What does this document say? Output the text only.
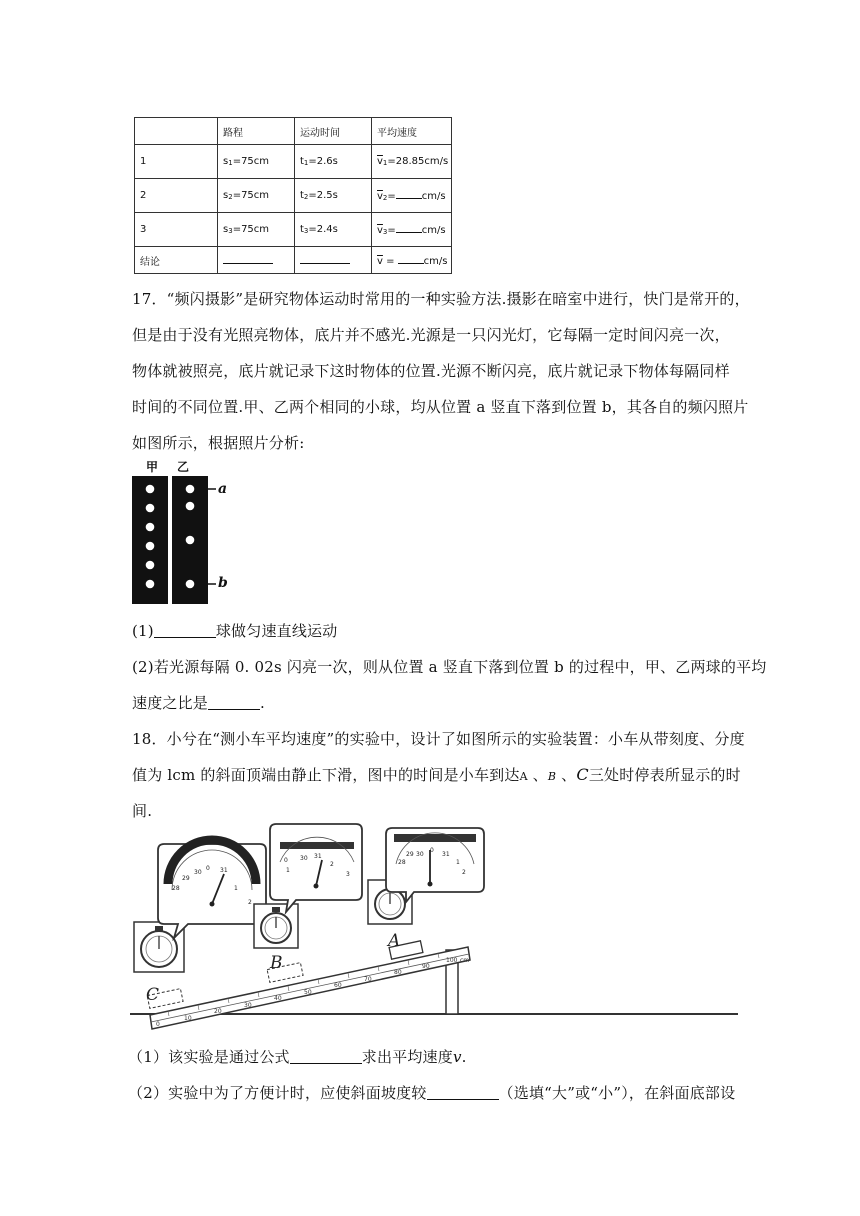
	路程	运动时间	平均速度
1	s1=75cm	t1=2.6s	$\overline{v}1=28.85cm/s$
2	s2=75cm	t2=2.5s	$\overline{v}2= cm/s$
3	s3=75cm	t3=2.4s	$\overline{v}3= cm/s$
结论			$\overline{v} = cm/s$
17．“频闪摄影”是研究物体运动时常用的一种实验方法.摄影在暗室中进行，快门是常开的，
但是由于没有光照亮物体，底片并不感光.光源是一只闪光灯，它每隔一定时间闪亮一次，
物体就被照亮，底片就记录下这时物体的位置.光源不断闪亮，底片就记录下物体每隔同样
时间的不同位置.甲、乙两个相同的小球，均从位置 a 竖直下落到位置 b，其各自的频闪照片
如图所示，根据照片分析:
甲 乙
a
b
(1)	球做匀速直线运动
(2)若光源每隔 0. 02s 闪亮一次，则从位置 a 竖直下落到位置 b 的过程中，甲、乙两球的平均
速度之比是	.
18．小兮在“测小车平均速度”的实验中，设计了如图所示的实验装置：小车从带刻度、分度
值为 lcm 的斜面顶端由静止下滑，图中的时间是小车到达A 、B 、C三处时停表所显示的时
间.
0
10
20
30
40
50
60
70
80
90
100 cm
C
B
A
30
0
29
31
28	1
2
0 30 31
1
2
3
30
0
31
1
2
28
29
（1）该实验是通过公式	求出平均速度v.
（2）实验中为了方便计时，应使斜面坡度较	（选填“大”或“小”），在斜面底部设
